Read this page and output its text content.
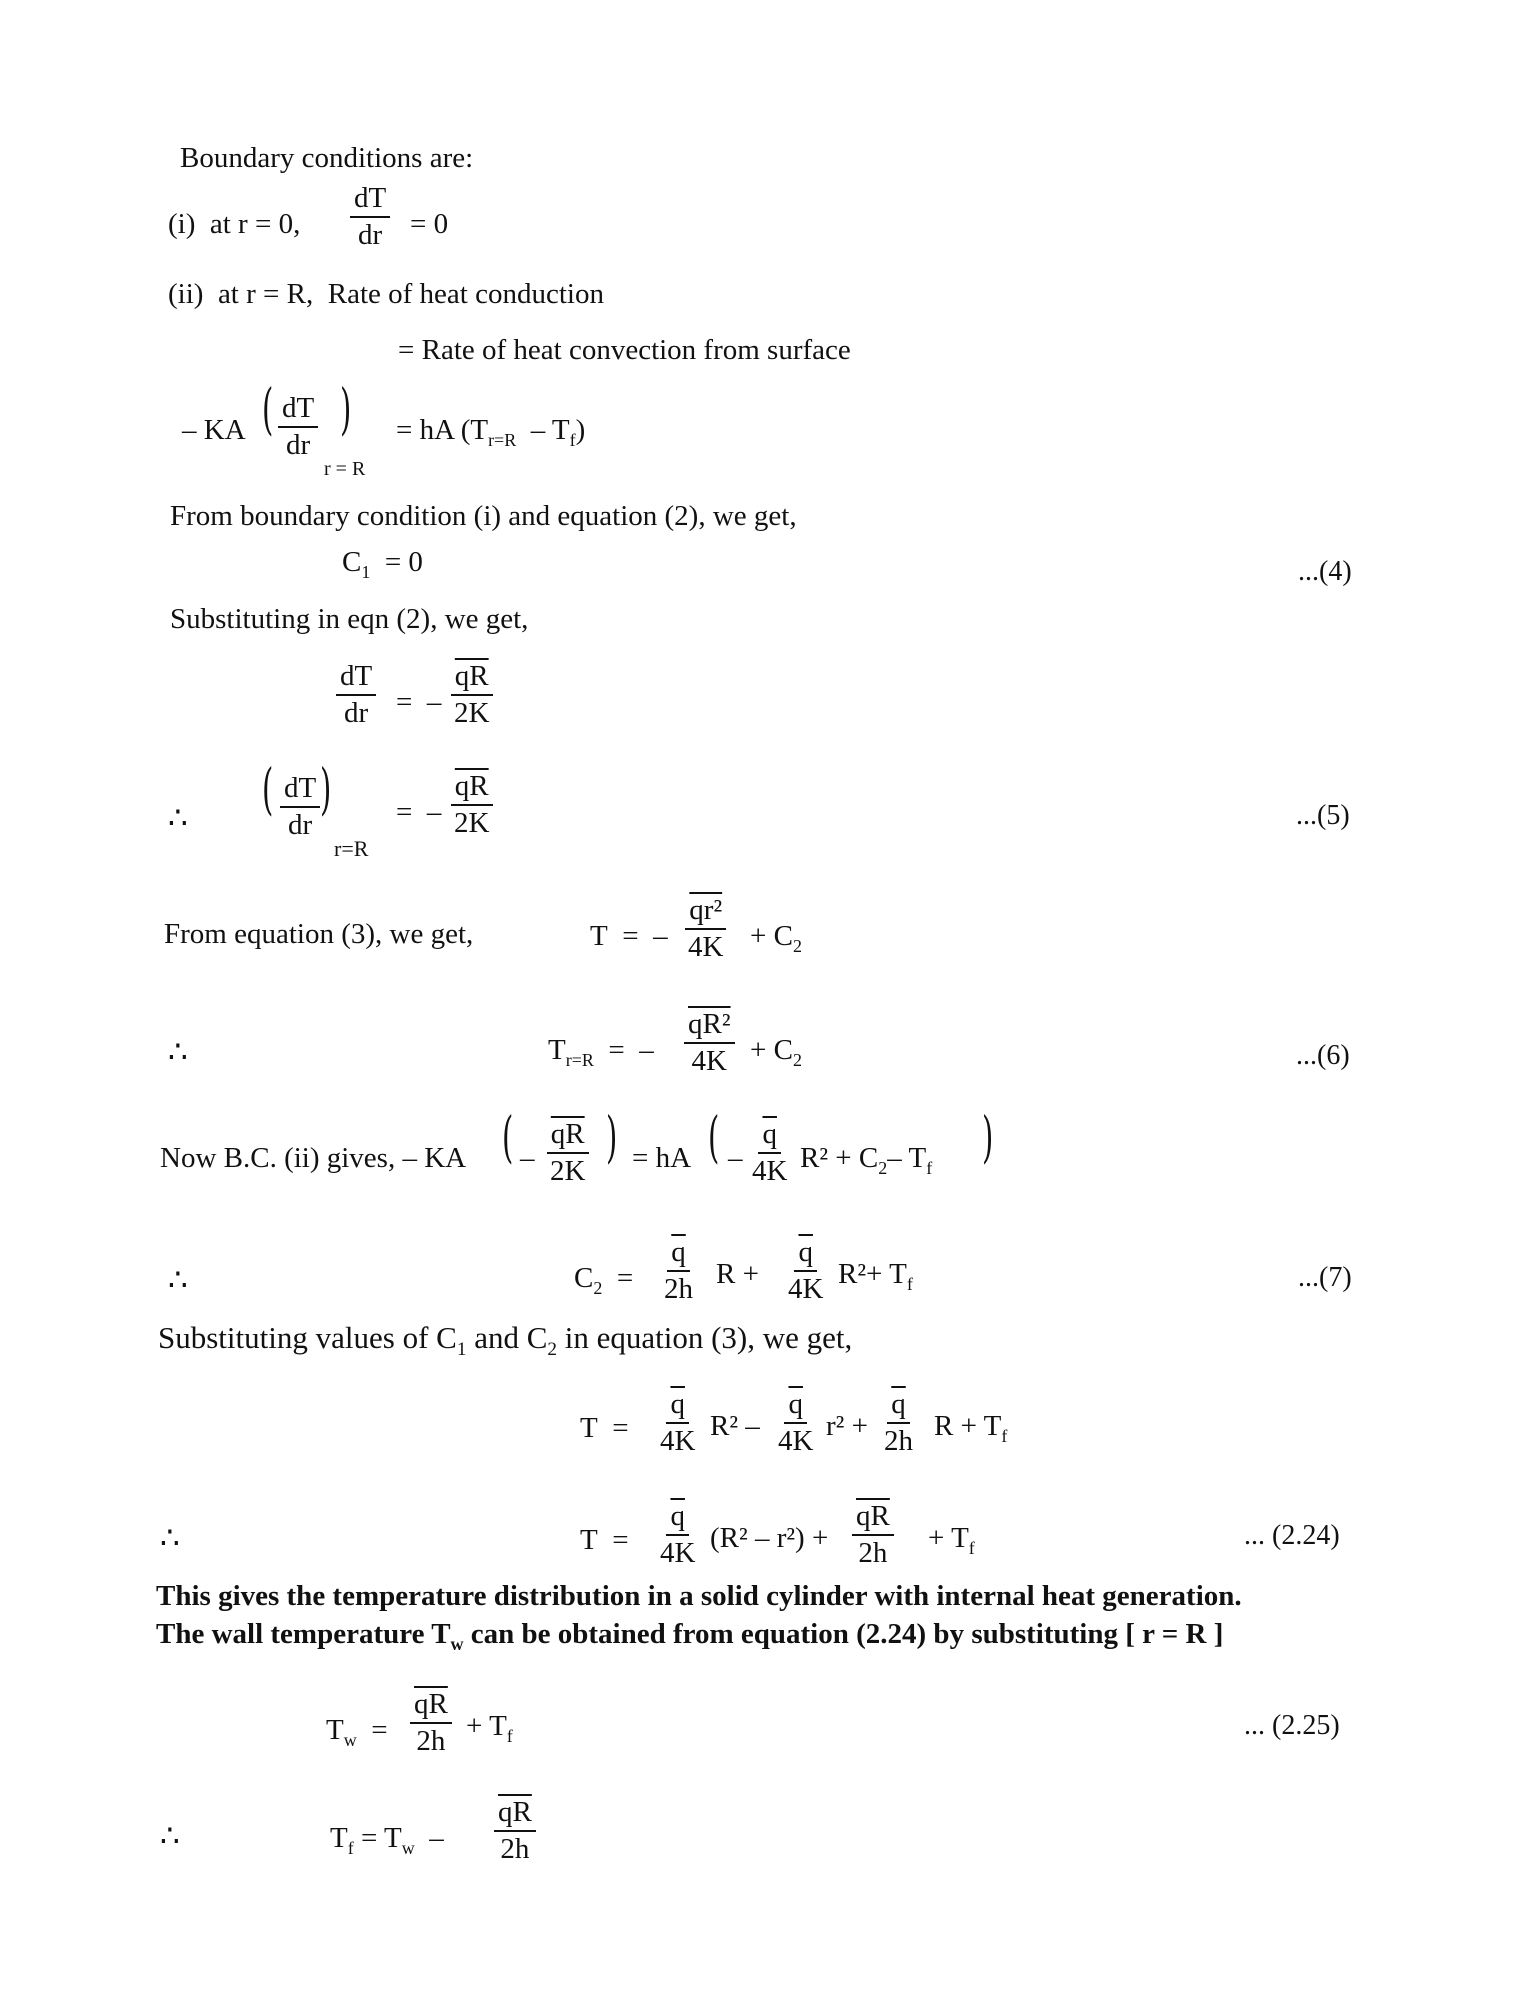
Boundary conditions are:
(i) at r = 0,
dT
dr = 0
(ii) at r = R, Rate of heat conduction
= Rate of heat convection from surface
– KA ( dT
dr
)
r = R
= hA $(T_{r=R} - T_f)$
From boundary condition (i) and equation (2), we get,
$C_1 = 0$	...(4)
Substituting in eqn (2), we get,
dT
dr = –
$\overline{qR}$
2K
∴	( dT
dr
)
r=R
= –
$\overline{qR}$
2K	...(5)
From equation (3), we get,	T = –
qr²
$4K + C_2$
∴	$T_{r=R}$ = –
qR²
$4K + C_2$	...(6)
Now B.C. (ii) gives, – KA ( –
$\overline{qR}$
2K
) = hA ( –
$\overline{q}$
4K $R^2 + C_2-$ $T_f$ )
∴	$C_2$ =
$\overline{q}$
2h R +
$\overline{q}$
4K $R^2+ T_f$	...(7)
Substituting values of $C_1$ and $C_2$ in equation (3), we get,
T =
$\overline{q}$
4K R² –
$\overline{q}$
4K r² +
$\overline{q}$
2h $R + T_f$
∴	T =
$\overline{q}$
4K (R² – r²) +
$\overline{qR}$
$2h + T_f$	... (2.24)
This gives the temperature distribution in a solid cylinder with internal heat generation.
The wall temperature $T_w$ can be obtained from equation (2.24) by substituting [ r = R ]
$T_w$ =
$\overline{qR}$
$2h + T_f$	... (2.25)
∴	$T_f = T_w$ –
$\overline{qR}$
2h
